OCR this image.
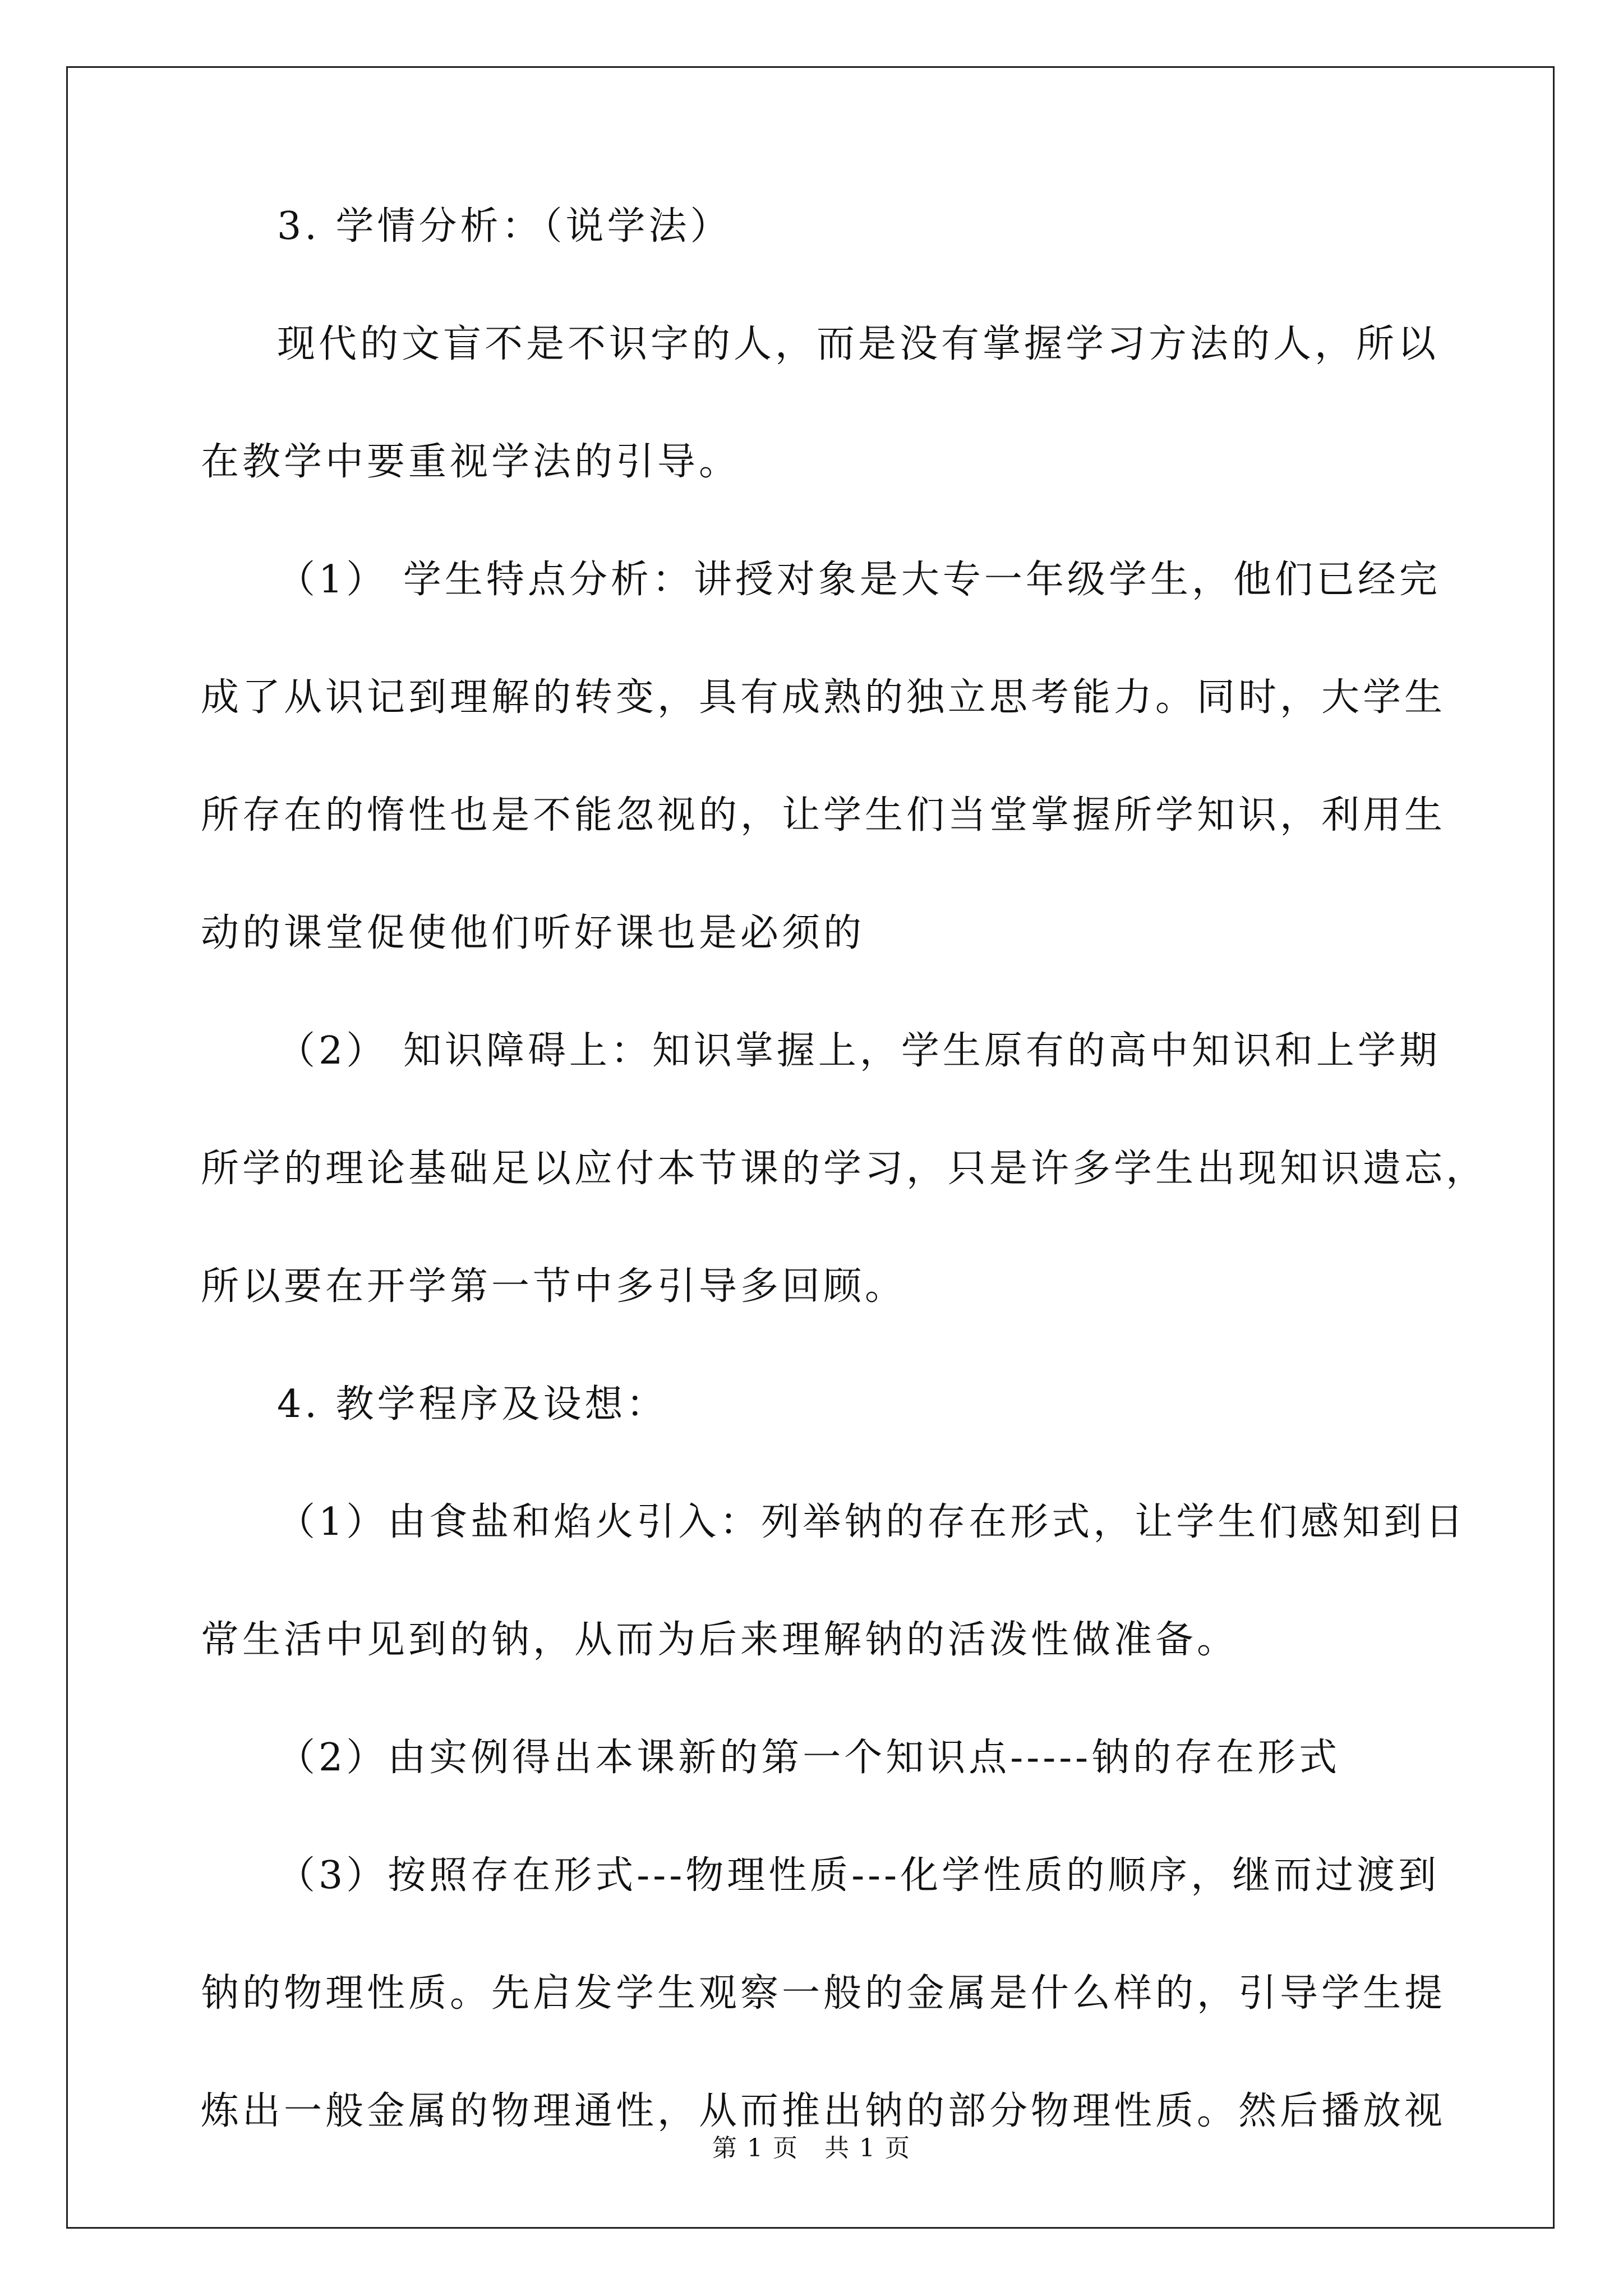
3. 学情分析：（说学法）
现代的文盲不是不识字的人，而是没有掌握学习方法的人，所以
在教学中要重视学法的引导。
（1） 学生特点分析：讲授对象是大专一年级学生，他们已经完
成了从识记到理解的转变，具有成熟的独立思考能力。同时，大学生
所存在的惰性也是不能忽视的，让学生们当堂掌握所学知识，利用生
动的课堂促使他们听好课也是必须的
（2） 知识障碍上：知识掌握上，学生原有的高中知识和上学期
所学的理论基础足以应付本节课的学习，只是许多学生出现知识遗忘，
所以要在开学第一节中多引导多回顾。
4. 教学程序及设想：
（1）由食盐和焰火引入：列举钠的存在形式，让学生们感知到日
常生活中见到的钠，从而为后来理解钠的活泼性做准备。
（2）由实例得出本课新的第一个知识点-----钠的存在形式
（3）按照存在形式---物理性质---化学性质的顺序，继而过渡到
钠的物理性质。先启发学生观察一般的金属是什么样的，引导学生提
炼出一般金属的物理通性，从而推出钠的部分物理性质。然后播放视
第 1 页　共 1 页
